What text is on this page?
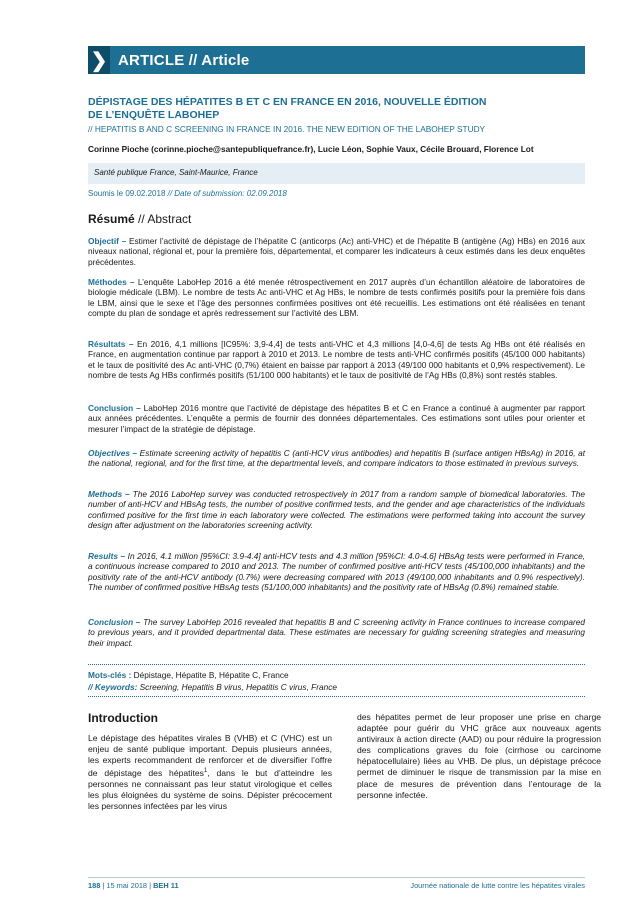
❯ ARTICLE // Article
DÉPISTAGE DES HÉPATITES B ET C EN FRANCE EN 2016, NOUVELLE ÉDITION
DE L’ENQUÊTE LABOHEP
// HEPATITIS B AND C SCREENING IN FRANCE IN 2016. THE NEW EDITION OF THE LABOHEP STUDY
Corinne Pioche (corinne.pioche@santepubliquefrance.fr), Lucie Léon, Sophie Vaux, Cécile Brouard, Florence Lot
Santé publique France, Saint-Maurice, France
Soumis le 09.02.2018 // Date of submission: 02.09.2018
Résumé // Abstract
Objectif – Estimer l’activité de dépistage de l’hépatite C (anticorps (Ac) anti-VHC) et de l’hépatite B (antigène (Ag) HBs) en 2016 aux niveaux national, régional et, pour la première fois, départemental, et comparer les indicateurs à ceux estimés dans les deux enquêtes précédentes.
Méthodes – L’enquête LaboHep 2016 a été menée rétrospectivement en 2017 auprès d’un échantillon aléatoire de laboratoires de biologie médicale (LBM). Le nombre de tests Ac anti-VHC et Ag HBs, le nombre de tests confirmés positifs pour la première fois dans le LBM, ainsi que le sexe et l’âge des personnes confirmées positives ont été recueillis. Les estimations ont été réalisées en tenant compte du plan de sondage et après redressement sur l’activité des LBM.
Résultats – En 2016, 4,1 millions [IC95%: 3,9-4,4] de tests anti-VHC et 4,3 millions [4,0-4,6] de tests Ag HBs ont été réalisés en France, en augmentation continue par rapport à 2010 et 2013. Le nombre de tests anti-VHC confirmés positifs (45/100 000 habitants) et le taux de positivité des Ac anti-VHC (0,7%) étaient en baisse par rapport à 2013 (49/100 000 habitants et 0,9% respectivement). Le nombre de tests Ag HBs confirmés positifs (51/100 000 habitants) et le taux de positivité de l’Ag HBs (0,8%) sont restés stables.
Conclusion – LaboHep 2016 montre que l’activité de dépistage des hépatites B et C en France a continué à augmenter par rapport aux années précédentes. L’enquête a permis de fournir des données départementales. Ces estimations sont utiles pour orienter et mesurer l’impact de la stratégie de dépistage.
Objectives – Estimate screening activity of hepatitis C (anti-HCV virus antibodies) and hepatitis B (surface antigen HBsAg) in 2016, at the national, regional, and for the first time, at the departmental levels, and compare indicators to those estimated in previous surveys.
Methods – The 2016 LaboHep survey was conducted retrospectively in 2017 from a random sample of biomedical laboratories. The number of anti-HCV and HBsAg tests, the number of positive confirmed tests, and the gender and age characteristics of the individuals confirmed positive for the first time in each laboratory were collected. The estimations were performed taking into account the survey design after adjustment on the laboratories screening activity.
Results – In 2016, 4.1 million [95%CI: 3.9-4.4] anti-HCV tests and 4.3 million [95%CI: 4.0-4.6] HBsAg tests were performed in France, a continuous increase compared to 2010 and 2013. The number of confirmed positive anti-HCV tests (45/100,000 inhabitants) and the positivity rate of the anti-HCV antibody (0.7%) were decreasing compared with 2013 (49/100,000 inhabitants and 0.9% respectively). The number of confirmed positive HBsAg tests (51/100,000 inhabitants) and the positivity rate of HBsAg (0.8%) remained stable.
Conclusion – The survey LaboHep 2016 revealed that hepatitis B and C screening activity in France continues to increase compared to previous years, and it provided departmental data. These estimates are necessary for guiding screening strategies and measuring their impact.
Mots-clés : Dépistage, Hépatite B, Hépatite C, France
// Keywords: Screening, Hepatitis B virus, Hepatitis C virus, France
Introduction
Le dépistage des hépatites virales B (VHB) et C (VHC) est un enjeu de santé publique important. Depuis plusieurs années, les experts recommandent de renforcer et de diversifier l’offre de dépistage des hépatites$^1$, dans le but d’atteindre les personnes ne connaissant pas leur statut virologique et celles les plus éloignées du système de soins. Dépister précocement les personnes infectées par les virus
des hépatites permet de leur proposer une prise en charge adaptée pour guérir du VHC grâce aux nouveaux agents antiviraux à action directe (AAD) ou pour réduire la progression des complications graves du foie (cirrhose ou carcinome hépatocellulaire) liées au VHB. De plus, un dépistage précoce permet de diminuer le risque de transmission par la mise en place de mesures de prévention dans l’entourage de la personne infectée.
188 | 15 mai 2018 | BEH 11	Journée nationale de lutte contre les hépatites virales
